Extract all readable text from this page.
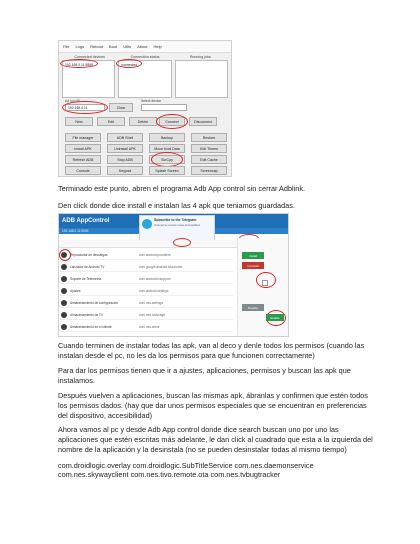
File Logs Reboot Boot Utils About Help
Connected devices	Connection status	Running jobs
192.168.0.11:5555	connected
Ad hoc IP	Select device
192.168.0.11	Clear
New	Edit	Delete	Connect	Disconnect
File manager	ADB Shell	Backup	Restore
Install APK	Uninstall APK	Move Kodi Data	Edit Timers
Refresh ADB	Stop ADB	ScrCpy	Edit Cache
Console	Keypad	Splash Screen	Screencap
Terminado este punto, abren el programa Adb App control sin cerrar Adblink.
Den click donde dice install e instalan las 4 apk que teniamos guardadas.
ADB AppControl
192.168.0.11:5555
Subscribe to the Telegram
channel to receive news and updates
Reproductor de descargas	com.android.providers
Lanzador de Android TV	com.google.android.tvlauncher
Soporte de Telemetría	com.android.tvsupport
Ajustes	com.android.settings
Almacenamiento de configuración	com.nes.settings
Almacenamiento de TV	com.nes.tvstorage
Almacenamiento en el cliente	com.nes.client
Install
Uninstall
Disable
Enable
Cuando terminen de instalar todas las apk, van al deco y denle todos los permisos (cuando las instalan desde el pc, no les da los permisos para que funcionen correctamente)
Para dar los permisos tienen que ir a ajustes, aplicaciones, permisos y buscan las apk que instalamos.
Después vuelven a aplicaciones, buscan las mismas apk, ábranlas y confirmen que estén todos los permisos dados. (hay que dar unos permisos especiales que se encuentran en preferencias del dispositivo, accesibilidad)
Ahora vamos al pc y desde Adb App control donde dice search buscan uno por uno las aplicaciones que estén escritas más adelante, le dan click al cuadrado que esta a la izquierda del nombre de la aplicación y la desinstala (no se pueden desinstalar todas al mismo tiempo)
com.droidlogic.overlay com.droidlogic.SubTitleService com.nes.daemonservice
com.nes.skywayclient com.nes.tivo.remote.ota com.nes.tvbugtracker
